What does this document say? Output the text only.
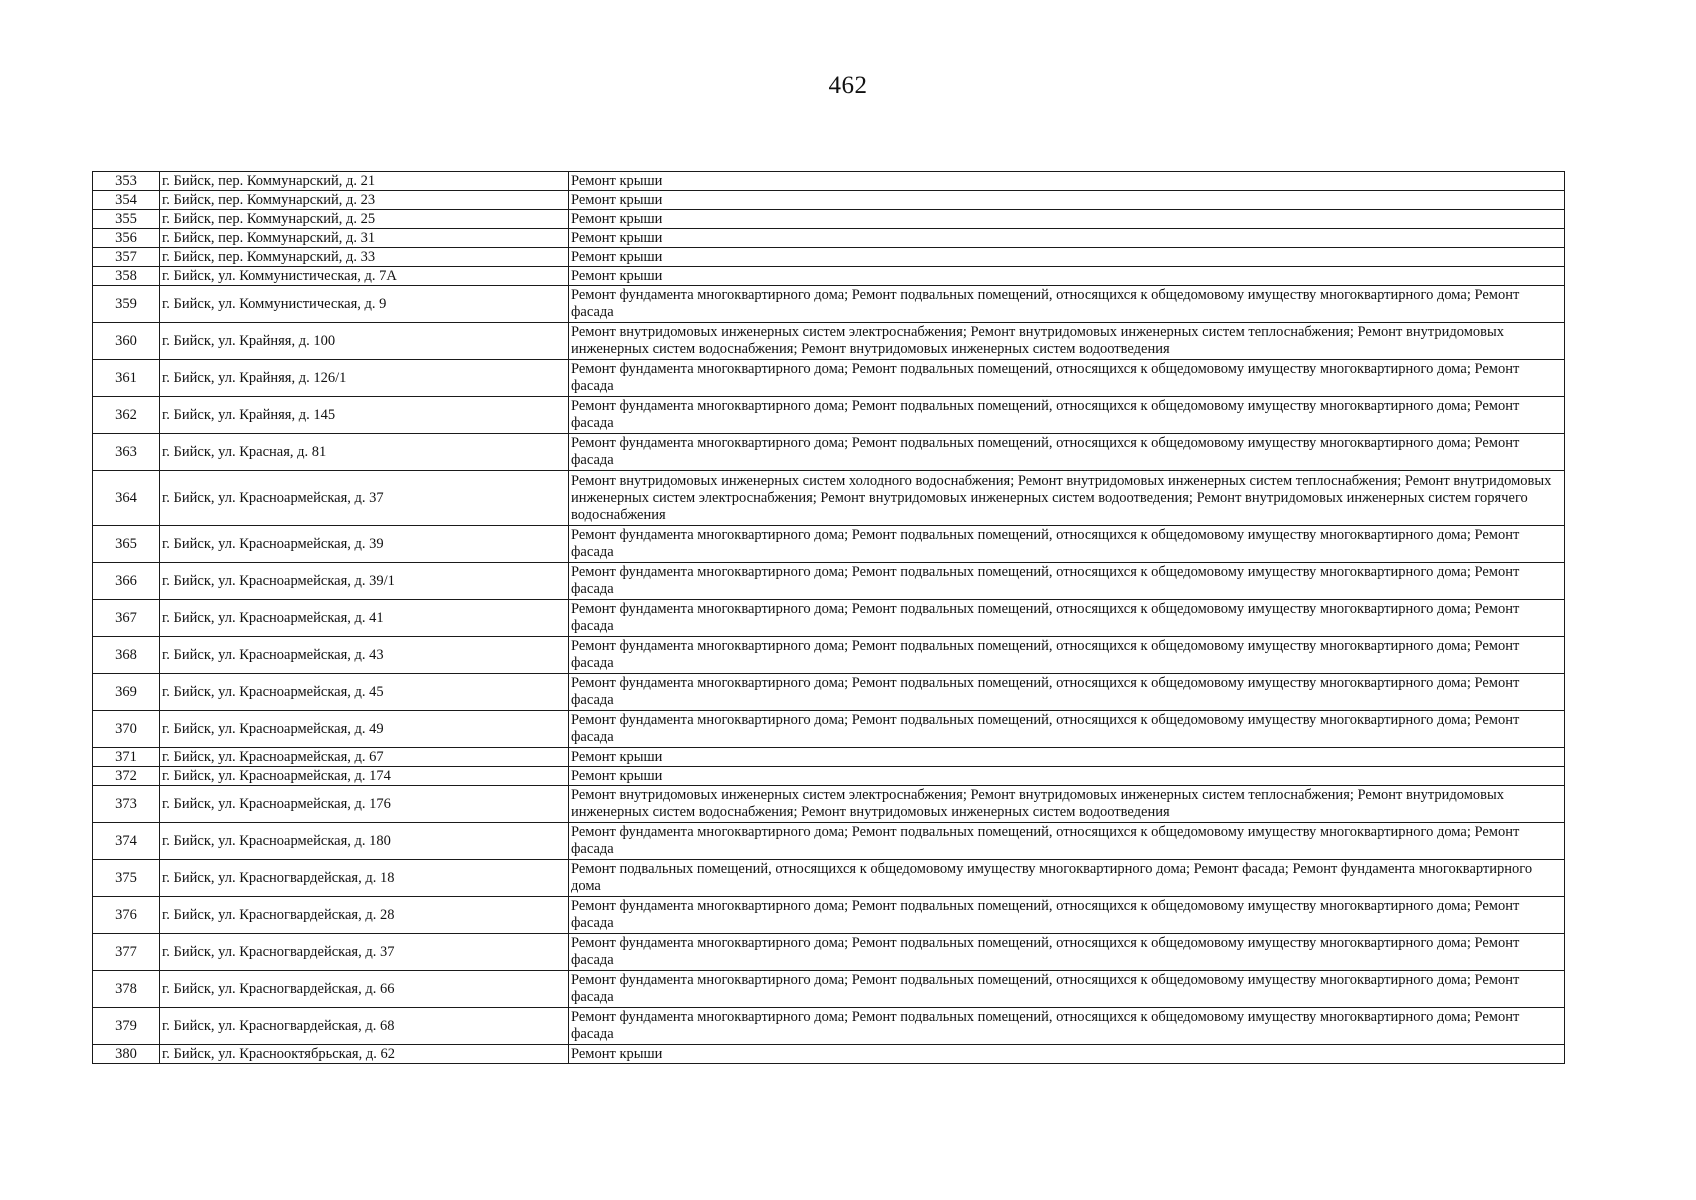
462
353	г. Бийск, пер. Коммунарский, д. 21	Ремонт крыши
354	г. Бийск, пер. Коммунарский, д. 23	Ремонт крыши
355	г. Бийск, пер. Коммунарский, д. 25	Ремонт крыши
356	г. Бийск, пер. Коммунарский, д. 31	Ремонт крыши
357	г. Бийск, пер. Коммунарский, д. 33	Ремонт крыши
358	г. Бийск, ул. Коммунистическая, д. 7А	Ремонт крыши
359	г. Бийск, ул. Коммунистическая, д. 9	Ремонт фундамента многоквартирного дома; Ремонт подвальных помещений, относящихся к общедомовому имуществу многоквартирного дома; Ремонт фасада
360	г. Бийск, ул. Крайняя, д. 100	Ремонт внутридомовых инженерных систем электроснабжения; Ремонт внутридомовых инженерных систем теплоснабжения; Ремонт внутридомовых инженерных систем водоснабжения; Ремонт внутридомовых инженерных систем водоотведения
361	г. Бийск, ул. Крайняя, д. 126/1	Ремонт фундамента многоквартирного дома; Ремонт подвальных помещений, относящихся к общедомовому имуществу многоквартирного дома; Ремонт фасада
362	г. Бийск, ул. Крайняя, д. 145	Ремонт фундамента многоквартирного дома; Ремонт подвальных помещений, относящихся к общедомовому имуществу многоквартирного дома; Ремонт фасада
363	г. Бийск, ул. Красная, д. 81	Ремонт фундамента многоквартирного дома; Ремонт подвальных помещений, относящихся к общедомовому имуществу многоквартирного дома; Ремонт фасада
364	г. Бийск, ул. Красноармейская, д. 37	Ремонт внутридомовых инженерных систем холодного водоснабжения; Ремонт внутридомовых инженерных систем теплоснабжения; Ремонт внутридомовых инженерных систем электроснабжения; Ремонт внутридомовых инженерных систем водоотведения; Ремонт внутридомовых инженерных систем горячего водоснабжения
365	г. Бийск, ул. Красноармейская, д. 39	Ремонт фундамента многоквартирного дома; Ремонт подвальных помещений, относящихся к общедомовому имуществу многоквартирного дома; Ремонт фасада
366	г. Бийск, ул. Красноармейская, д. 39/1	Ремонт фундамента многоквартирного дома; Ремонт подвальных помещений, относящихся к общедомовому имуществу многоквартирного дома; Ремонт фасада
367	г. Бийск, ул. Красноармейская, д. 41	Ремонт фундамента многоквартирного дома; Ремонт подвальных помещений, относящихся к общедомовому имуществу многоквартирного дома; Ремонт фасада
368	г. Бийск, ул. Красноармейская, д. 43	Ремонт фундамента многоквартирного дома; Ремонт подвальных помещений, относящихся к общедомовому имуществу многоквартирного дома; Ремонт фасада
369	г. Бийск, ул. Красноармейская, д. 45	Ремонт фундамента многоквартирного дома; Ремонт подвальных помещений, относящихся к общедомовому имуществу многоквартирного дома; Ремонт фасада
370	г. Бийск, ул. Красноармейская, д. 49	Ремонт фундамента многоквартирного дома; Ремонт подвальных помещений, относящихся к общедомовому имуществу многоквартирного дома; Ремонт фасада
371	г. Бийск, ул. Красноармейская, д. 67	Ремонт крыши
372	г. Бийск, ул. Красноармейская, д. 174	Ремонт крыши
373	г. Бийск, ул. Красноармейская, д. 176	Ремонт внутридомовых инженерных систем электроснабжения; Ремонт внутридомовых инженерных систем теплоснабжения; Ремонт внутридомовых инженерных систем водоснабжения; Ремонт внутридомовых инженерных систем водоотведения
374	г. Бийск, ул. Красноармейская, д. 180	Ремонт фундамента многоквартирного дома; Ремонт подвальных помещений, относящихся к общедомовому имуществу многоквартирного дома; Ремонт фасада
375	г. Бийск, ул. Красногвардейская, д. 18	Ремонт подвальных помещений, относящихся к общедомовому имуществу многоквартирного дома; Ремонт фасада; Ремонт фундамента многоквартирного дома
376	г. Бийск, ул. Красногвардейская, д. 28	Ремонт фундамента многоквартирного дома; Ремонт подвальных помещений, относящихся к общедомовому имуществу многоквартирного дома; Ремонт фасада
377	г. Бийск, ул. Красногвардейская, д. 37	Ремонт фундамента многоквартирного дома; Ремонт подвальных помещений, относящихся к общедомовому имуществу многоквартирного дома; Ремонт фасада
378	г. Бийск, ул. Красногвардейская, д. 66	Ремонт фундамента многоквартирного дома; Ремонт подвальных помещений, относящихся к общедомовому имуществу многоквартирного дома; Ремонт фасада
379	г. Бийск, ул. Красногвардейская, д. 68	Ремонт фундамента многоквартирного дома; Ремонт подвальных помещений, относящихся к общедомовому имуществу многоквартирного дома; Ремонт фасада
380	г. Бийск, ул. Краснооктябрьская, д. 62	Ремонт крыши
